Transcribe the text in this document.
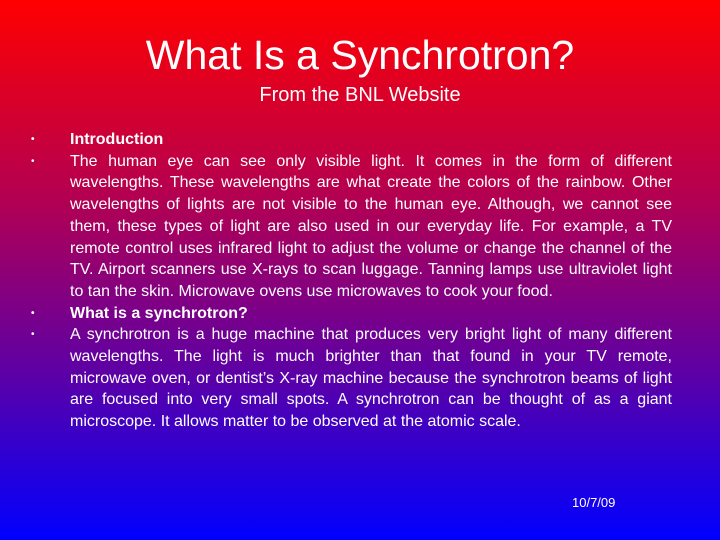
What Is a Synchrotron?
From the BNL Website
• Introduction
• The human eye can see only visible light. It comes in the form of different wavelengths. These wavelengths are what create the colors of the rainbow. Other wavelengths of lights are not visible to the human eye. Although, we cannot see them, these types of light are also used in our everyday life. For example, a TV remote control uses infrared light to adjust the volume or change the channel of the TV. Airport scanners use X-rays to scan luggage. Tanning lamps use ultraviolet light to tan the skin. Microwave ovens use microwaves to cook your food.
• What is a synchrotron?
• A synchrotron is a huge machine that produces very bright light of many different wavelengths. The light is much brighter than that found in your TV remote, microwave oven, or dentist’s X-ray machine because the synchrotron beams of light are focused into very small spots. A synchrotron can be thought of as a giant microscope. It allows matter to be observed at the atomic scale.
10/7/09
